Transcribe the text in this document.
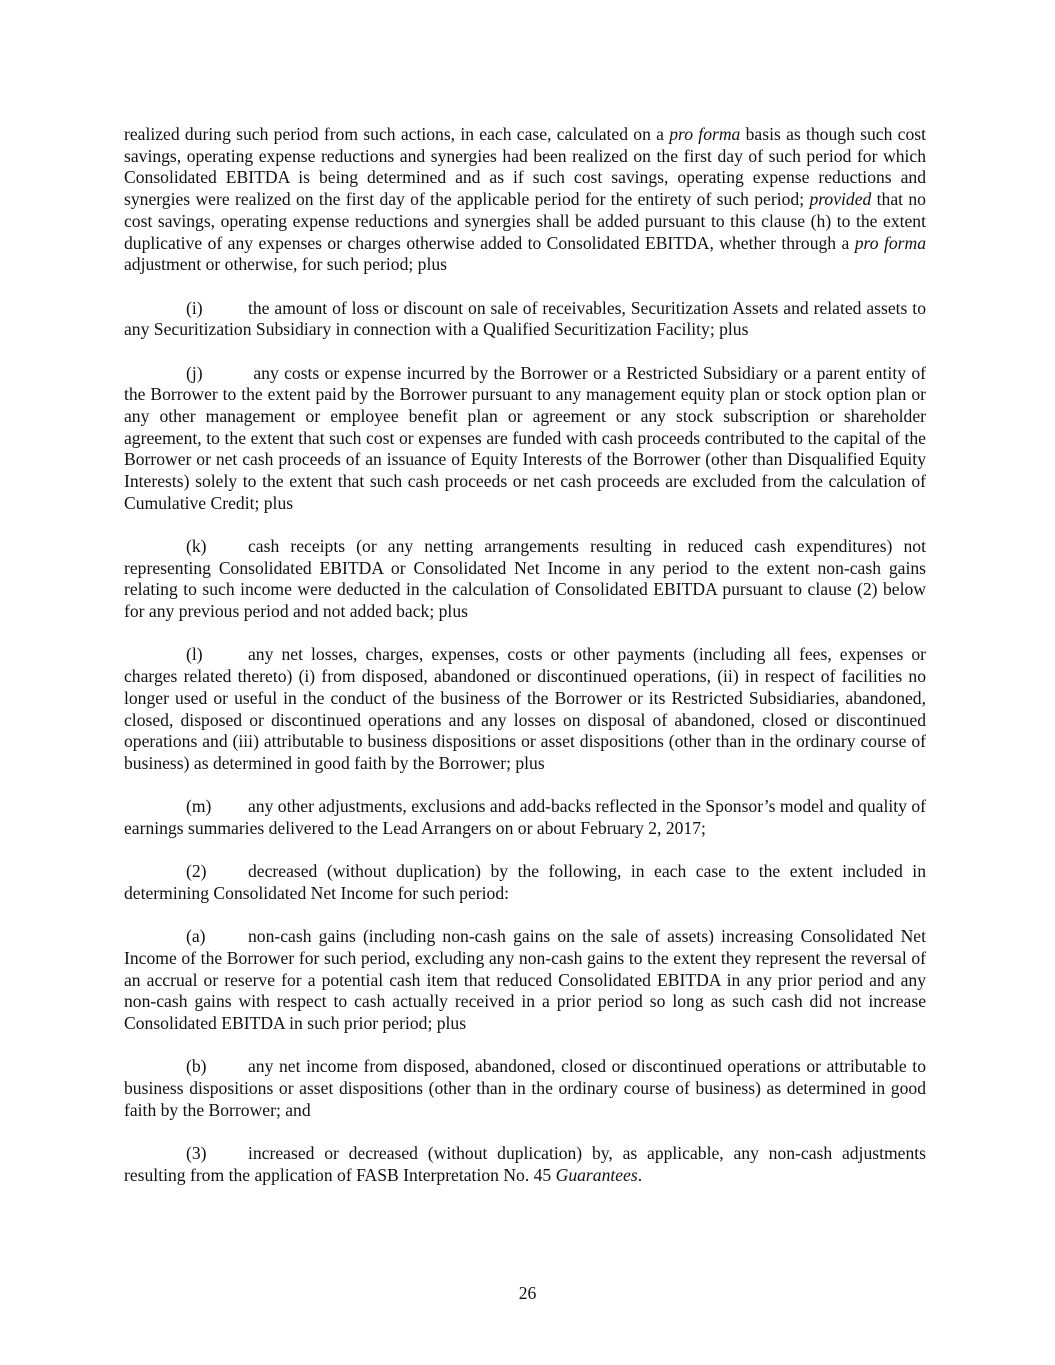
realized during such period from such actions, in each case, calculated on a pro forma basis as though such cost savings, operating expense reductions and synergies had been realized on the first day of such period for which Consolidated EBITDA is being determined and as if such cost savings, operating expense reductions and synergies were realized on the first day of the applicable period for the entirety of such period; provided that no cost savings, operating expense reductions and synergies shall be added pursuant to this clause (h) to the extent duplicative of any expenses or charges otherwise added to Consolidated EBITDA, whether through a pro forma adjustment or otherwise, for such period; plus

(i)	the amount of loss or discount on sale of receivables, Securitization Assets and related assets to any Securitization Subsidiary in connection with a Qualified Securitization Facility; plus

(j)	any costs or expense incurred by the Borrower or a Restricted Subsidiary or a parent entity of the Borrower to the extent paid by the Borrower pursuant to any management equity plan or stock option plan or any other management or employee benefit plan or agreement or any stock subscription or shareholder agreement, to the extent that such cost or expenses are funded with cash proceeds contributed to the capital of the Borrower or net cash proceeds of an issuance of Equity Interests of the Borrower (other than Disqualified Equity Interests) solely to the extent that such cash proceeds or net cash proceeds are excluded from the calculation of Cumulative Credit; plus

(k) cash receipts (or any netting arrangements resulting in reduced cash expenditures) not representing Consolidated EBITDA or Consolidated Net Income in any period to the extent non-cash gains relating to such income were deducted in the calculation of Consolidated EBITDA pursuant to clause (2) below for any previous period and not added back; plus

(l)	any net losses, charges, expenses, costs or other payments (including all fees, expenses or charges related thereto) (i) from disposed, abandoned or discontinued operations, (ii) in respect of facilities no longer used or useful in the conduct of the business of the Borrower or its Restricted Subsidiaries, abandoned, closed, disposed or discontinued operations and any losses on disposal of abandoned, closed or discontinued operations and (iii) attributable to business dispositions or asset dispositions (other than in the ordinary course of business) as determined in good faith by the Borrower; plus

(m) any other adjustments, exclusions and add-backs reflected in the Sponsor’s model and quality of earnings summaries delivered to the Lead Arrangers on or about February 2, 2017;

(2) decreased (without duplication) by the following, in each case to the extent included in determining Consolidated Net Income for such period:

(a) non-cash gains (including non-cash gains on the sale of assets) increasing Consolidated Net Income of the Borrower for such period, excluding any non-cash gains to the extent they represent the reversal of an accrual or reserve for a potential cash item that reduced Consolidated EBITDA in any prior period and any non-cash gains with respect to cash actually received in a prior period so long as such cash did not increase Consolidated EBITDA in such prior period; plus

(b) any net income from disposed, abandoned, closed or discontinued operations or attributable to business dispositions or asset dispositions (other than in the ordinary course of business) as determined in good faith by the Borrower; and

(3) increased or decreased (without duplication) by, as applicable, any non-cash adjustments resulting from the application of FASB Interpretation No. 45 Guarantees.

26
